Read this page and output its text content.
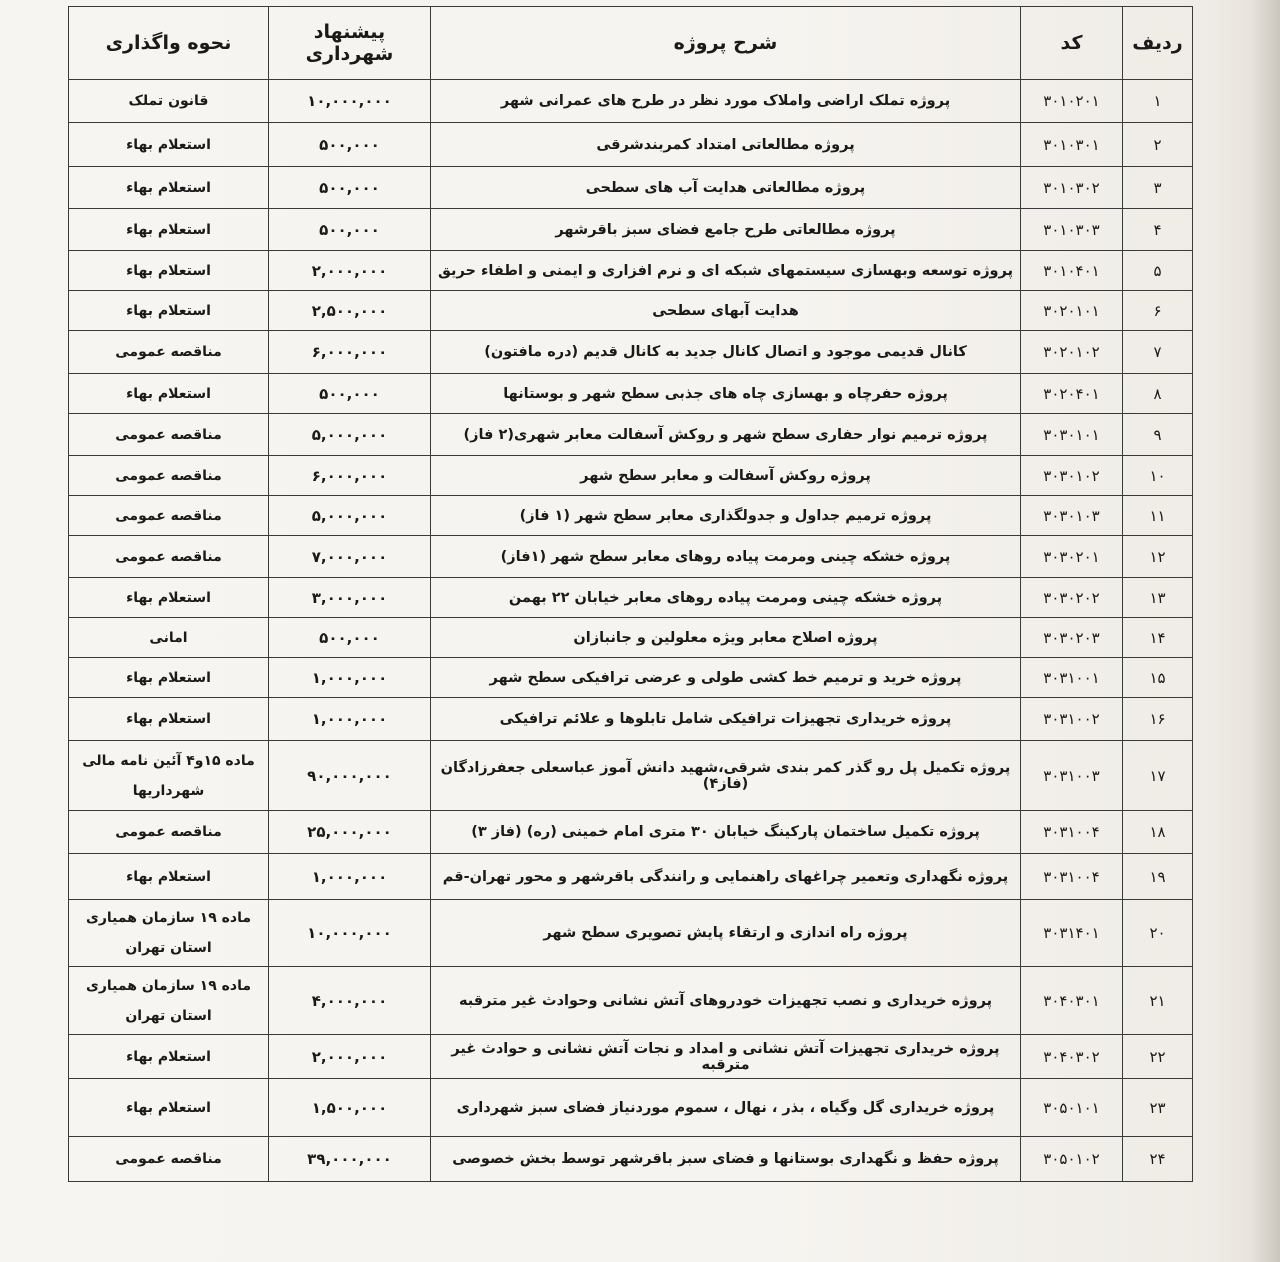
ردیف	کد	شرح پروژه	پیشنهاد شهرداری	نحوه واگذاری
۱	۳۰۱۰۲۰۱	پروژه تملک اراضی واملاک مورد نظر در طرح های عمرانی شهر	۱۰,۰۰۰,۰۰۰	قانون تملک
۲	۳۰۱۰۳۰۱	پروژه مطالعاتی امتداد کمربندشرقی	۵۰۰,۰۰۰	استعلام بهاء
۳	۳۰۱۰۳۰۲	پروژه مطالعاتی هدایت آب های سطحی	۵۰۰,۰۰۰	استعلام بهاء
۴	۳۰۱۰۳۰۳	پروژه مطالعاتی طرح جامع فضای سبز باقرشهر	۵۰۰,۰۰۰	استعلام بهاء
۵	۳۰۱۰۴۰۱	پروژه توسعه وبهسازی سیستمهای شبکه ای و نرم افزاری و ایمنی و اطفاء حریق	۲,۰۰۰,۰۰۰	استعلام بهاء
۶	۳۰۲۰۱۰۱	هدایت آبهای سطحی	۲,۵۰۰,۰۰۰	استعلام بهاء
۷	۳۰۲۰۱۰۲	کانال قدیمی موجود و اتصال کانال جدید به کانال قدیم (دره مافتون)	۶,۰۰۰,۰۰۰	مناقصه عمومی
۸	۳۰۲۰۴۰۱	پروژه حفرچاه و بهسازی چاه های جذبی سطح شهر و بوستانها	۵۰۰,۰۰۰	استعلام بهاء
۹	۳۰۳۰۱۰۱	پروژه ترمیم نوار حفاری سطح شهر و روکش آسفالت معابر شهری(۲ فاز)	۵,۰۰۰,۰۰۰	مناقصه عمومی
۱۰	۳۰۳۰۱۰۲	پروژه روکش آسفالت و معابر سطح شهر	۶,۰۰۰,۰۰۰	مناقصه عمومی
۱۱	۳۰۳۰۱۰۳	پروژه ترمیم جداول و جدولگذاری معابر سطح شهر (۱ فاز)	۵,۰۰۰,۰۰۰	مناقصه عمومی
۱۲	۳۰۳۰۲۰۱	پروژه خشکه چینی ومرمت پیاده روهای معابر سطح شهر (۱فاز)	۷,۰۰۰,۰۰۰	مناقصه عمومی
۱۳	۳۰۳۰۲۰۲	پروژه خشکه چینی ومرمت پیاده روهای معابر خیابان ۲۲ بهمن	۳,۰۰۰,۰۰۰	استعلام بهاء
۱۴	۳۰۳۰۲۰۳	پروژه اصلاح معابر ویژه معلولین و جانبازان	۵۰۰,۰۰۰	امانی
۱۵	۳۰۳۱۰۰۱	پروژه خرید و ترمیم خط کشی طولی و عرضی ترافیکی سطح شهر	۱,۰۰۰,۰۰۰	استعلام بهاء
۱۶	۳۰۳۱۰۰۲	پروژه خریداری تجهیزات ترافیکی شامل تابلوها و علائم ترافیکی	۱,۰۰۰,۰۰۰	استعلام بهاء
۱۷	۳۰۳۱۰۰۳	پروژه تکمیل پل رو گذر کمر بندی شرقی،شهید دانش آموز عباسعلی جعفرزادگان (فاز۴)	۹۰,۰۰۰,۰۰۰	ماده ۱۵و۴ آئین نامه مالی شهرداریها
۱۸	۳۰۳۱۰۰۴	پروژه تکمیل ساختمان پارکینگ خیابان ۳۰ متری امام خمینی (ره) (فاز ۳)	۲۵,۰۰۰,۰۰۰	مناقصه عمومی
۱۹	۳۰۳۱۰۰۴	پروژه نگهداری وتعمیر چراغهای راهنمایی و رانندگی باقرشهر و محور تهران-قم	۱,۰۰۰,۰۰۰	استعلام بهاء
۲۰	۳۰۳۱۴۰۱	پروژه راه اندازی و ارتقاء پایش تصویری سطح شهر	۱۰,۰۰۰,۰۰۰	ماده ۱۹ سازمان همیاری استان تهران
۲۱	۳۰۴۰۳۰۱	پروژه خریداری و نصب تجهیزات خودروهای آتش نشانی وحوادث غیر مترقبه	۴,۰۰۰,۰۰۰	ماده ۱۹ سازمان همیاری استان تهران
۲۲	۳۰۴۰۳۰۲	پروژه خریداری تجهیزات آتش نشانی و امداد و نجات آتش نشانی و حوادث غیر مترقبه	۲,۰۰۰,۰۰۰	استعلام بهاء
۲۳	۳۰۵۰۱۰۱	پروژه خریداری گل وگیاه ، بذر ، نهال ، سموم موردنیاز فضای سبز شهرداری	۱,۵۰۰,۰۰۰	استعلام بهاء
۲۴	۳۰۵۰۱۰۲	پروژه حفظ و نگهداری بوستانها و فضای سبز باقرشهر توسط بخش خصوصی	۳۹,۰۰۰,۰۰۰	مناقصه عمومی
